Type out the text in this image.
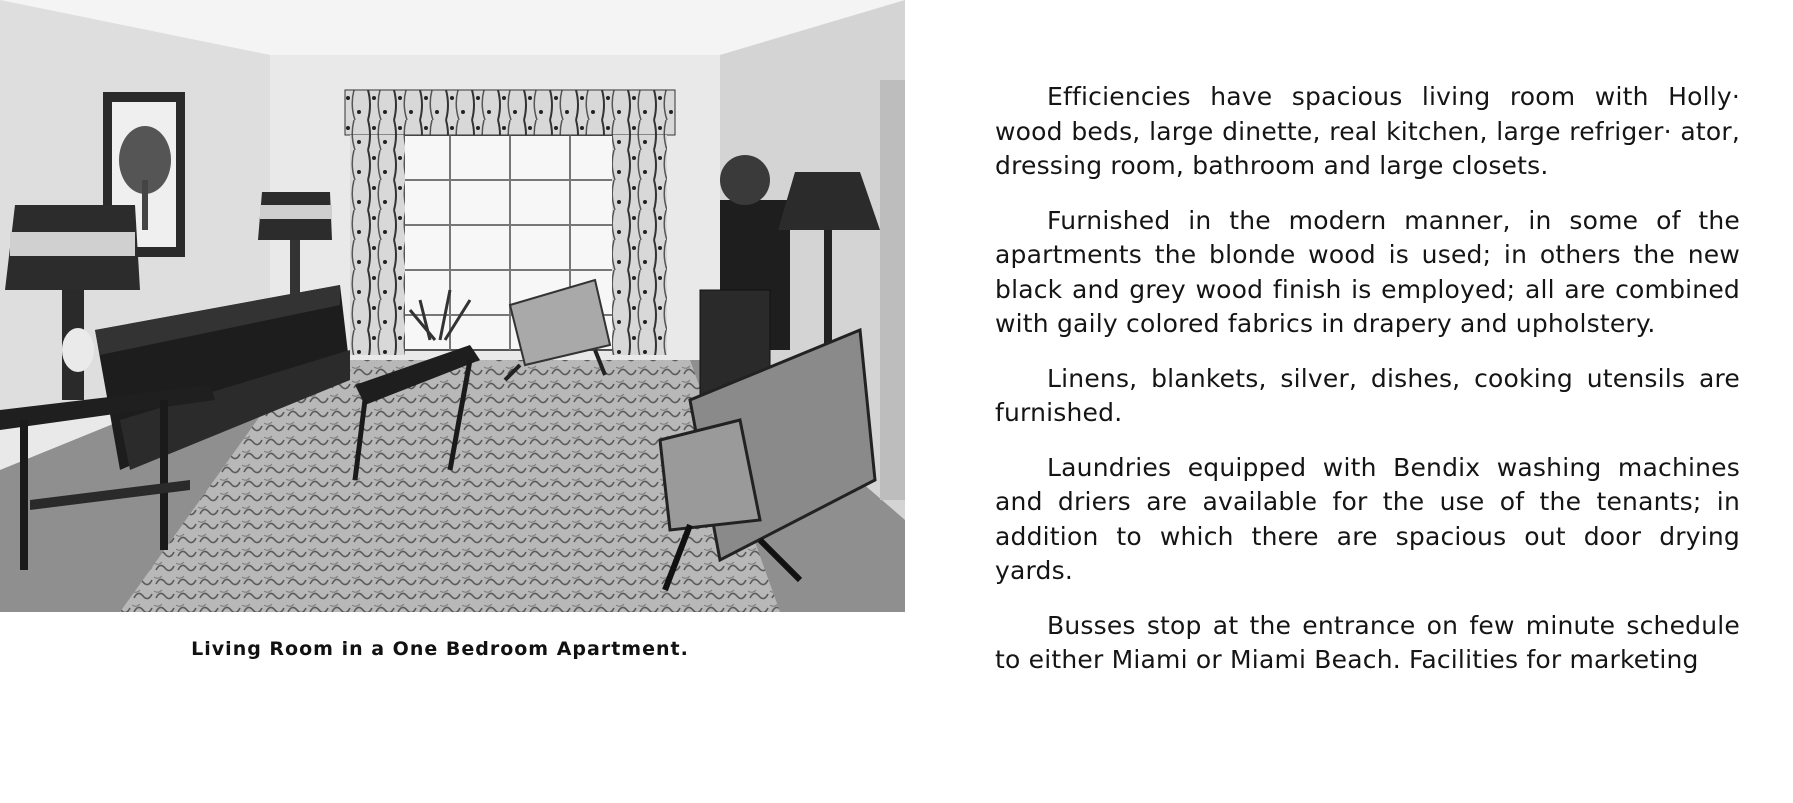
Living Room in a One Bedroom Apartment.

Efficiencies have spacious living room with Holly· wood beds, large dinette, real kitchen, large refriger· ator, dressing room, bathroom and large closets.

Furnished in the modern manner, in some of the apartments the blonde wood is used; in others the new black and grey wood finish is employed; all are combined with gaily colored fabrics in drapery and upholstery.

Linens, blankets, silver, dishes, cooking utensils are furnished.

Laundries equipped with Bendix washing machines and driers are available for the use of the tenants; in addition to which there are spacious out door drying yards.

Busses stop at the entrance on few minute schedule to either Miami or Miami Beach. Facilities for marketing
